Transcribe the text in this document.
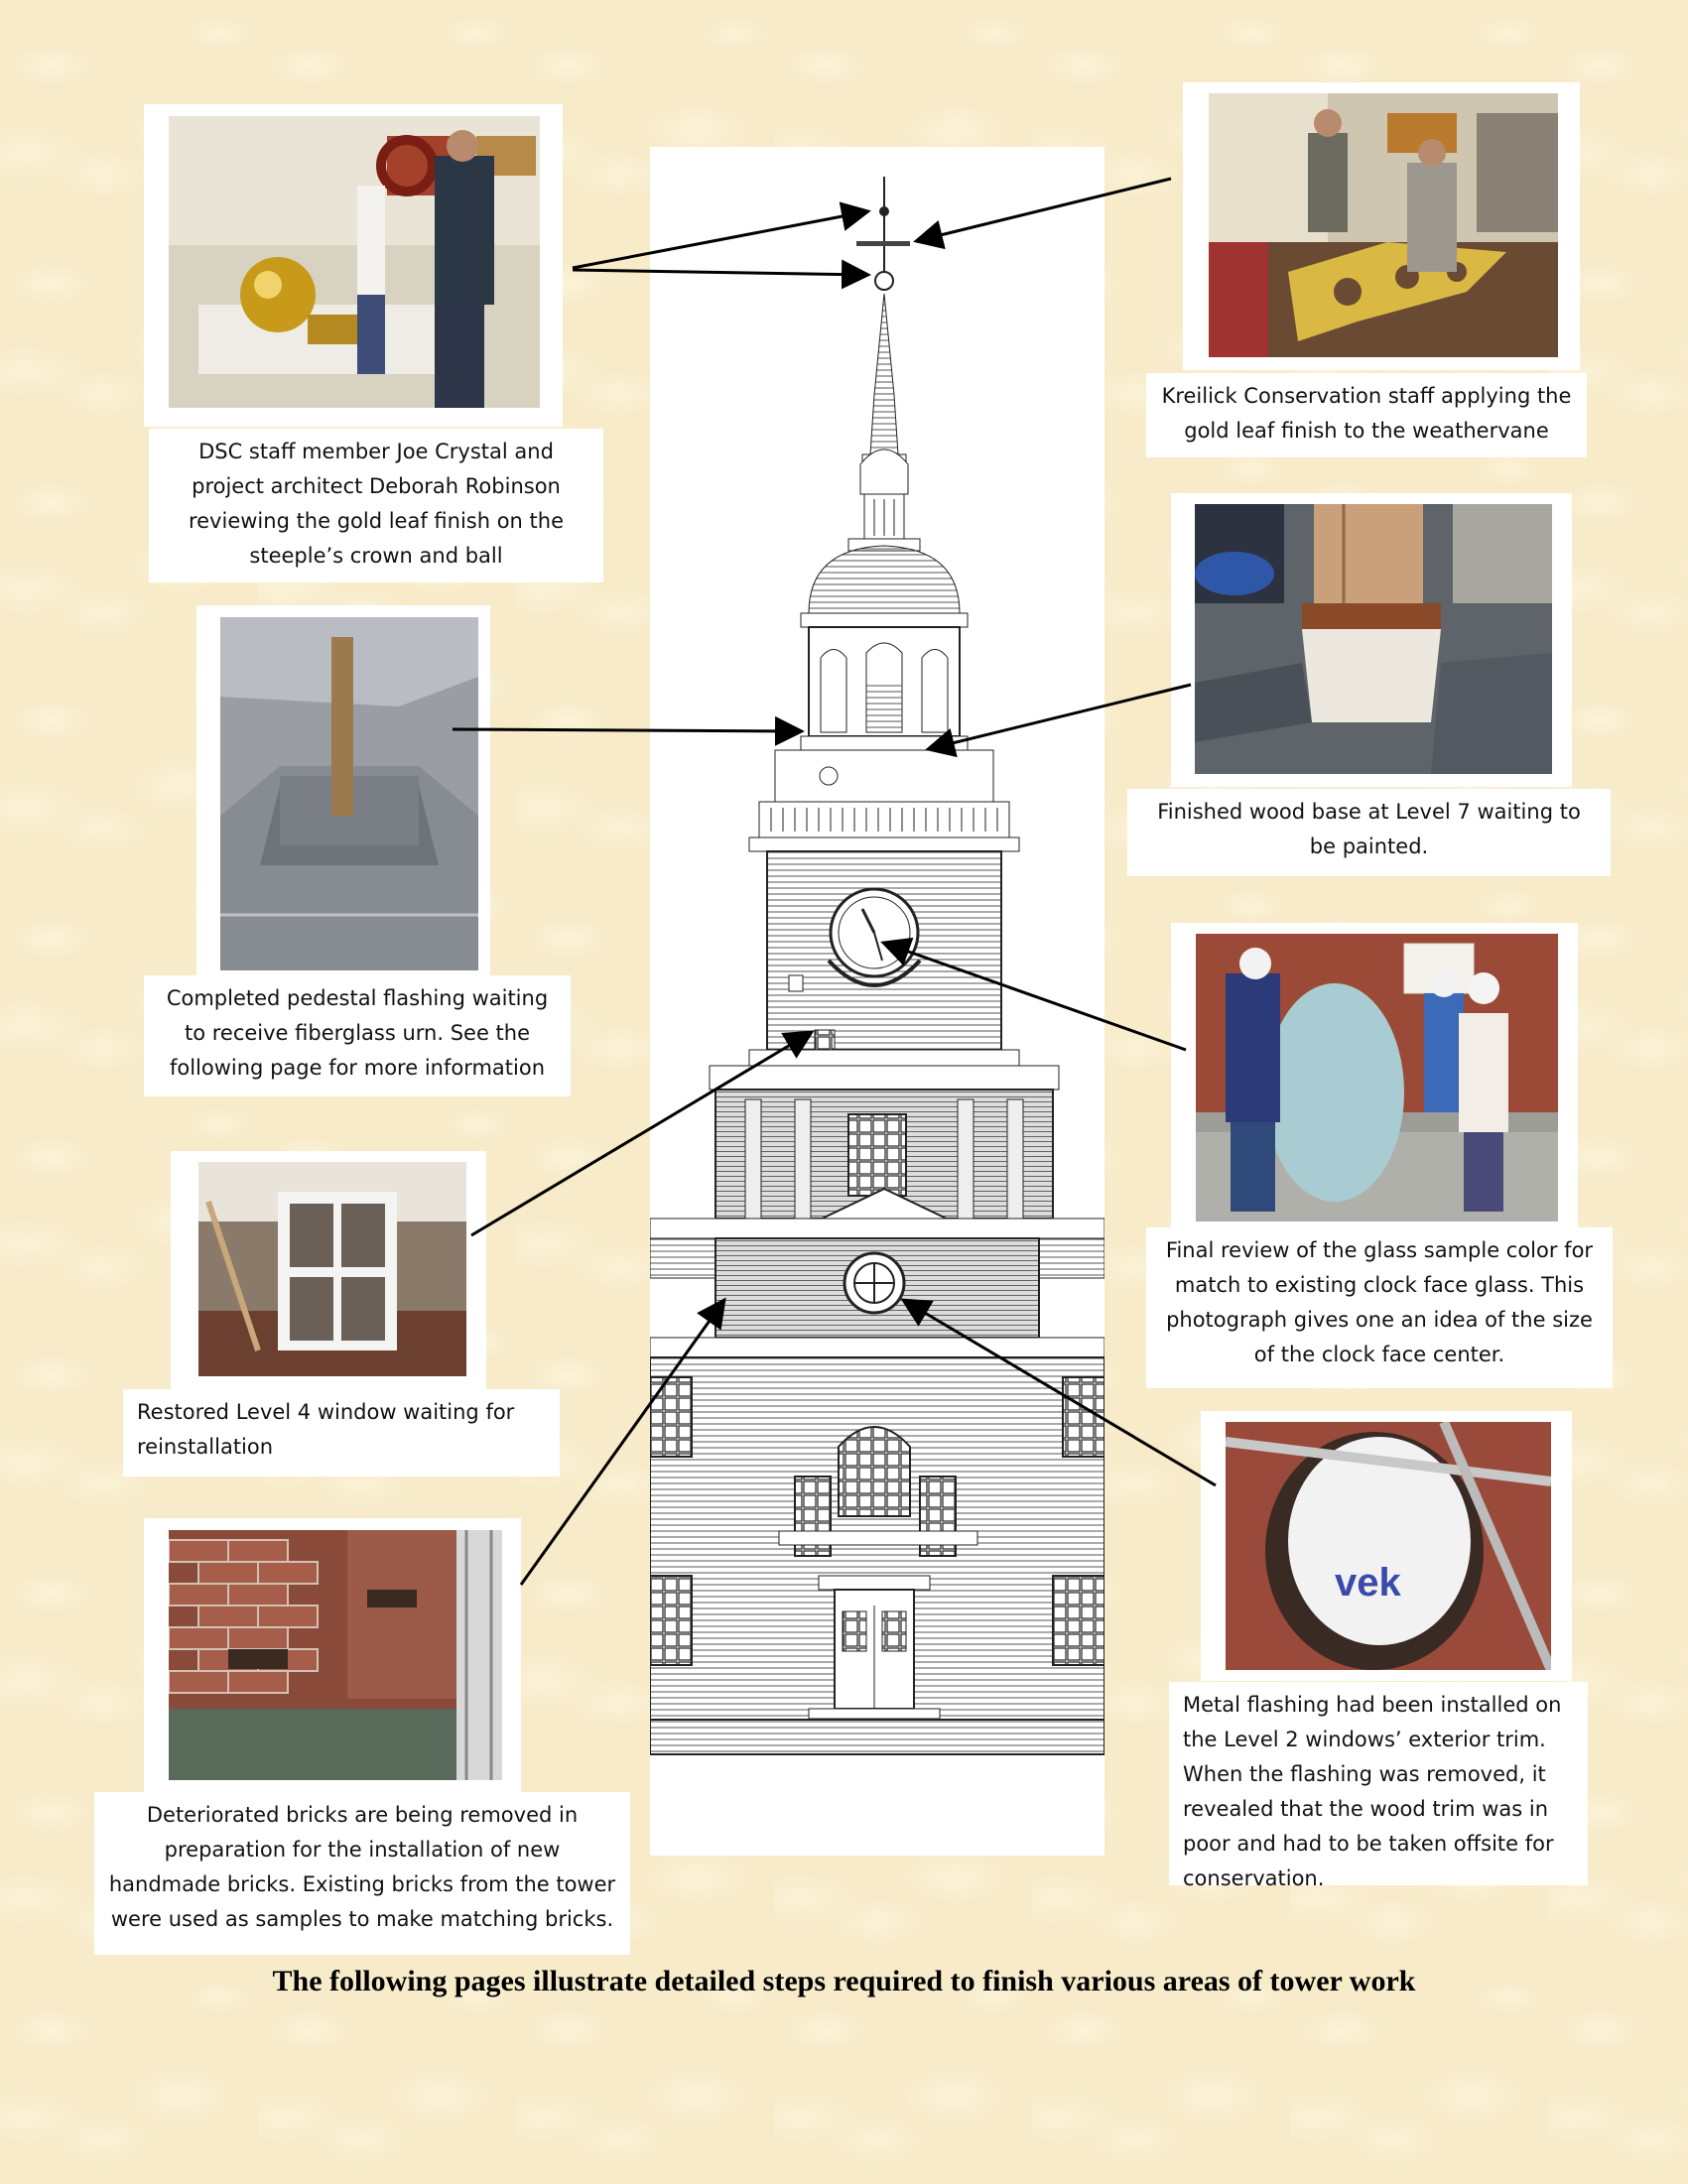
DSC staff member Joe Crystal and project architect Deborah Robinson reviewing the gold leaf finish on the steeple’s crown and ball
Kreilick Conservation staff applying the gold leaf finish to the weathervane
Finished wood base at Level 7 waiting to be painted.
Completed pedestal flashing waiting to receive fiberglass urn. See the following page for more information
Final review of the glass sample color for match to existing clock face glass. This photograph gives one an idea of the size of the clock face center.
Restored Level 4 window waiting for reinstallation
Deteriorated bricks are being removed in preparation for the installation of new handmade bricks. Existing bricks from the tower were used as samples to make matching bricks.
vek
Metal flashing had been installed on the Level 2 windows’ exterior trim. When the flashing was removed, it revealed that the wood trim was in poor and had to be taken offsite for conservation.
The following pages illustrate detailed steps required to finish various areas of tower work
